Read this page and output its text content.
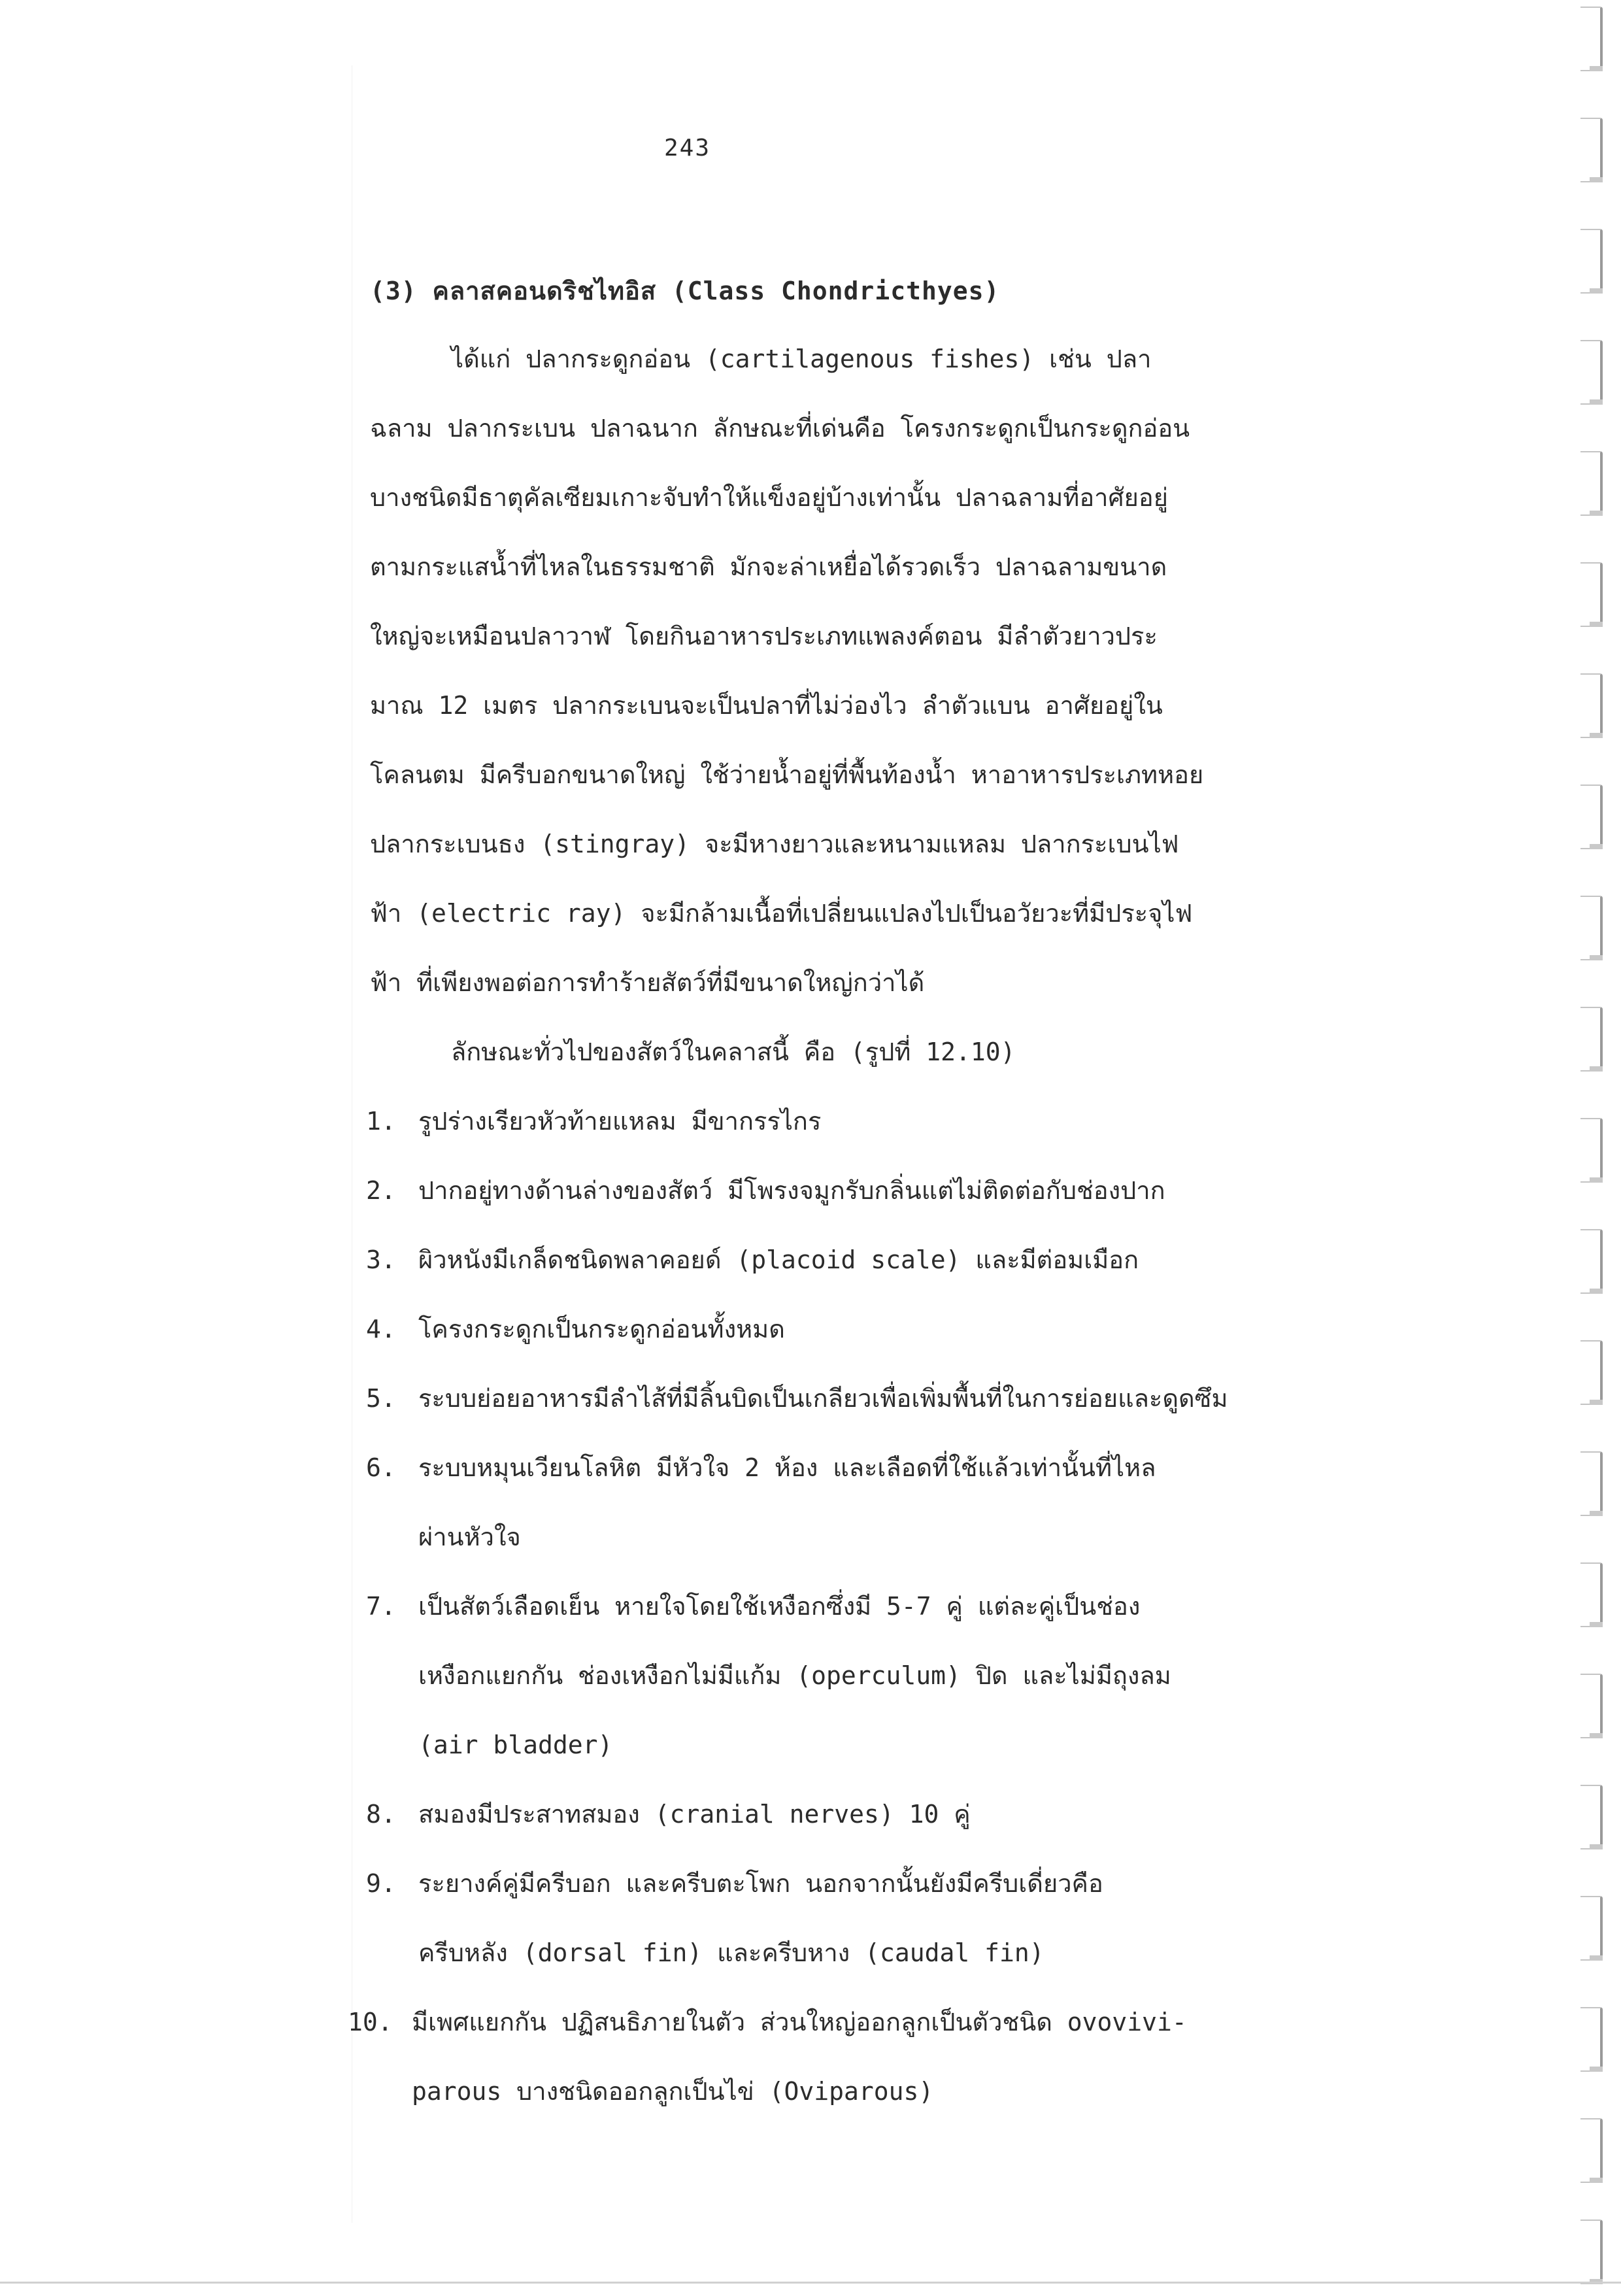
243
(3) คลาสคอนดริชไทอิส (Class Chondricthyes)
ได้แก่ ปลากระดูกอ่อน (cartilagenous fishes) เช่น ปลา
ฉลาม ปลากระเบน ปลาฉนาก ลักษณะที่เด่นคือ โครงกระดูกเป็นกระดูกอ่อน
บางชนิดมีธาตุคัลเซียมเกาะจับทำให้แข็งอยู่บ้างเท่านั้น ปลาฉลามที่อาศัยอยู่
ตามกระแสน้ำที่ไหลในธรรมชาติ มักจะล่าเหยื่อได้รวดเร็ว ปลาฉลามขนาด
ใหญ่จะเหมือนปลาวาฬ โดยกินอาหารประเภทแพลงค์ตอน มีลำตัวยาวประ
มาณ 12 เมตร ปลากระเบนจะเป็นปลาที่ไม่ว่องไว ลำตัวแบน อาศัยอยู่ใน
โคลนตม มีครีบอกขนาดใหญ่ ใช้ว่ายน้ำอยู่ที่พื้นท้องน้ำ หาอาหารประเภทหอย
ปลากระเบนธง (stingray) จะมีหางยาวและหนามแหลม ปลากระเบนไฟ
ฟ้า (electric ray) จะมีกล้ามเนื้อที่เปลี่ยนแปลงไปเป็นอวัยวะที่มีประจุไฟ
ฟ้า ที่เพียงพอต่อการทำร้ายสัตว์ที่มีขนาดใหญ่กว่าได้
ลักษณะทั่วไปของสัตว์ในคลาสนี้ คือ (รูปที่ 12.10)
1. รูปร่างเรียวหัวท้ายแหลม มีขากรรไกร
2. ปากอยู่ทางด้านล่างของสัตว์ มีโพรงจมูกรับกลิ่นแต่ไม่ติดต่อกับช่องปาก
3. ผิวหนังมีเกล็ดชนิดพลาคอยด์ (placoid scale) และมีต่อมเมือก
4. โครงกระดูกเป็นกระดูกอ่อนทั้งหมด
5. ระบบย่อยอาหารมีลำไส้ที่มีลิ้นบิดเป็นเกลียวเพื่อเพิ่มพื้นที่ในการย่อยและดูดซึม
6. ระบบหมุนเวียนโลหิต มีหัวใจ 2 ห้อง และเลือดที่ใช้แล้วเท่านั้นที่ไหล
ผ่านหัวใจ
7. เป็นสัตว์เลือดเย็น หายใจโดยใช้เหงือกซึ่งมี 5-7 คู่ แต่ละคู่เป็นช่อง
เหงือกแยกกัน ช่องเหงือกไม่มีแก้ม (operculum) ปิด และไม่มีถุงลม
(air bladder)
8. สมองมีประสาทสมอง (cranial nerves) 10 คู่
9. ระยางค์คู่มีครีบอก และครีบตะโพก นอกจากนั้นยังมีครีบเดี่ยวคือ
ครีบหลัง (dorsal fin) และครีบหาง (caudal fin)
10. มีเพศแยกกัน ปฏิสนธิภายในตัว ส่วนใหญ่ออกลูกเป็นตัวชนิด ovovivi-
parous บางชนิดออกลูกเป็นไข่ (Oviparous)
